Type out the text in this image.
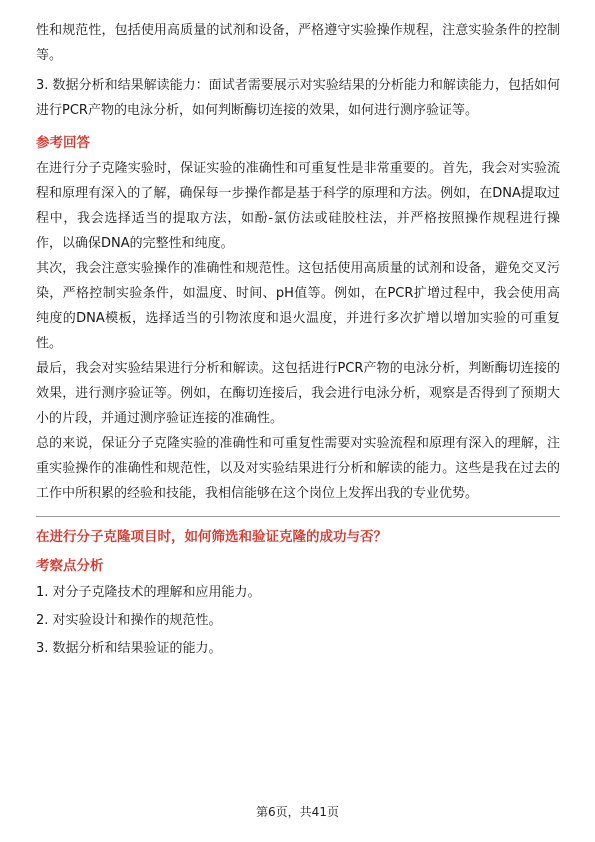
性和规范性，包括使用高质量的试剂和设备，严格遵守实验操作规程，注意实验条件的控制等。

3. 数据分析和结果解读能力：面试者需要展示对实验结果的分析能力和解读能力，包括如何进行PCR产物的电泳分析，如何判断酶切连接的效果，如何进行测序验证等。

参考回答

在进行分子克隆实验时，保证实验的准确性和可重复性是非常重要的。首先，我会对实验流程和原理有深入的了解，确保每一步操作都是基于科学的原理和方法。例如，在DNA提取过程中，我会选择适当的提取方法，如酚-氯仿法或硅胶柱法，并严格按照操作规程进行操作，以确保DNA的完整性和纯度。

其次，我会注意实验操作的准确性和规范性。这包括使用高质量的试剂和设备，避免交叉污染，严格控制实验条件，如温度、时间、pH值等。例如，在PCR扩增过程中，我会使用高纯度的DNA模板，选择适当的引物浓度和退火温度，并进行多次扩增以增加实验的可重复性。

最后，我会对实验结果进行分析和解读。这包括进行PCR产物的电泳分析，判断酶切连接的效果，进行测序验证等。例如，在酶切连接后，我会进行电泳分析，观察是否得到了预期大小的片段，并通过测序验证连接的准确性。

总的来说，保证分子克隆实验的准确性和可重复性需要对实验流程和原理有深入的理解，注重实验操作的准确性和规范性，以及对实验结果进行分析和解读的能力。这些是我在过去的工作中所积累的经验和技能，我相信能够在这个岗位上发挥出我的专业优势。

在进行分子克隆项目时，如何筛选和验证克隆的成功与否？
考察点分析
1. 对分子克隆技术的理解和应用能力。
2. 对实验设计和操作的规范性。
3. 数据分析和结果验证的能力。
第6页，共41页
